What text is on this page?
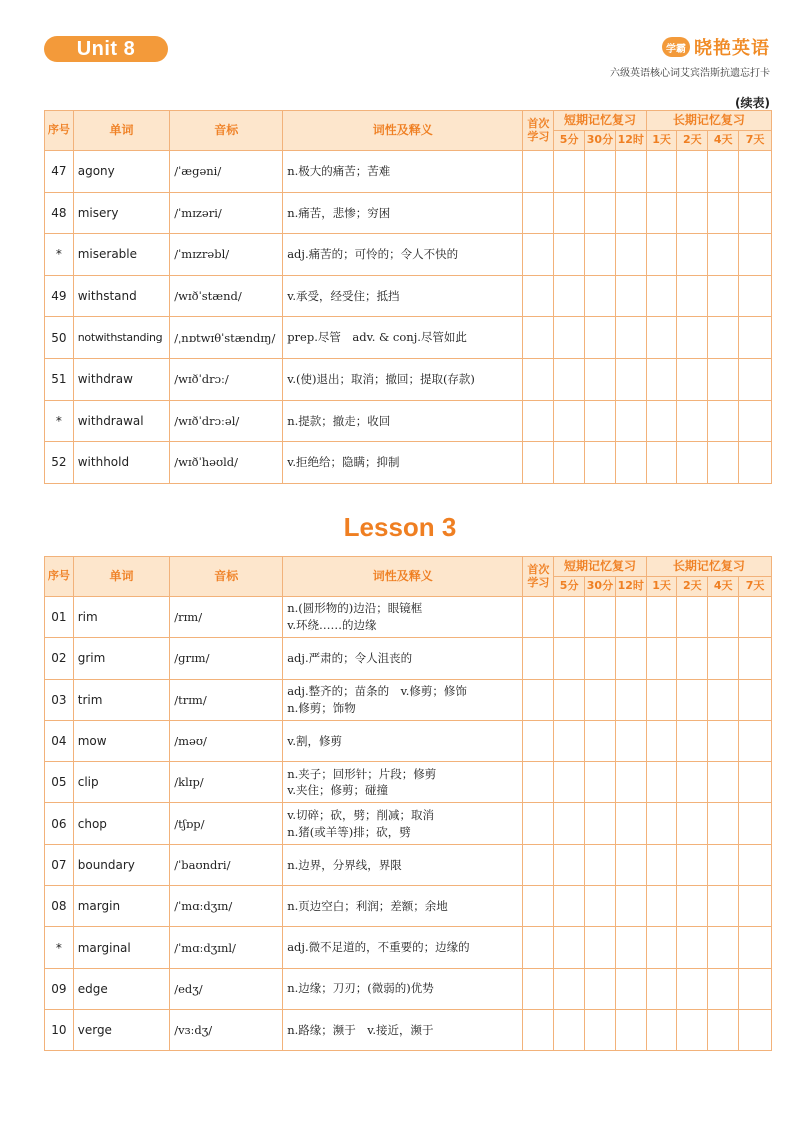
Unit 8	学霸 晓艳英语
六级英语核心词艾宾浩斯抗遗忘打卡
(续表)
序号	单词	音标	词性及释义	首次学习	短期记忆复习			长期记忆复习			
					5分	30分	12时	1天	2天	4天	7天
47	agony	/ˈægəni/	n.极大的痛苦；苦难								

48	misery	/ˈmɪzəri/	n.痛苦，悲惨；穷困								

*	miserable	/ˈmɪzrəbl/	adj.痛苦的；可怜的；令人不快的								

49	withstand	/wɪðˈstænd/	v.承受，经受住；抵挡								

50	notwithstanding	/ˌnɒtwɪθˈstændɪŋ/	prep.尽管　adv. & conj.尽管如此								

51	withdraw	/wɪðˈdrɔː/	v.(使)退出；取消；撤回；提取(存款)								

*	withdrawal	/wɪðˈdrɔːəl/	n.提款；撤走；收回								

52	withhold	/wɪðˈhəʊld/	v.拒绝给；隐瞒；抑制								

Lesson 3
序号	单词	音标	词性及释义	首次学习	短期记忆复习			长期记忆复习			
					5分	30分	12时	1天	2天	4天	7天
01	rim	/rɪm/	n.(圆形物的)边沿；眼镜框
v.环绕……的边缘								

02	grim	/ɡrɪm/	adj.严肃的；令人沮丧的								

03	trim	/trɪm/	adj.整齐的；苗条的　v.修剪；修饰
n.修剪；饰物								

04	mow	/məʊ/	v.割，修剪								

05	clip	/klɪp/	n.夹子；回形针；片段；修剪
v.夹住；修剪；碰撞								

06	chop	/tʃɒp/	v.切碎；砍，劈；削减；取消
n.猪(或羊等)排；砍，劈								

07	boundary	/ˈbaʊndri/	n.边界，分界线，界限								

08	margin	/ˈmɑːdʒɪn/	n.页边空白；利润；差额；余地								

*	marginal	/ˈmɑːdʒɪnl/	adj.微不足道的，不重要的；边缘的								

09	edge	/edʒ/	n.边缘；刀刃；(微弱的)优势								

10	verge	/vɜːdʒ/	n.路缘；濒于　v.接近，濒于								
